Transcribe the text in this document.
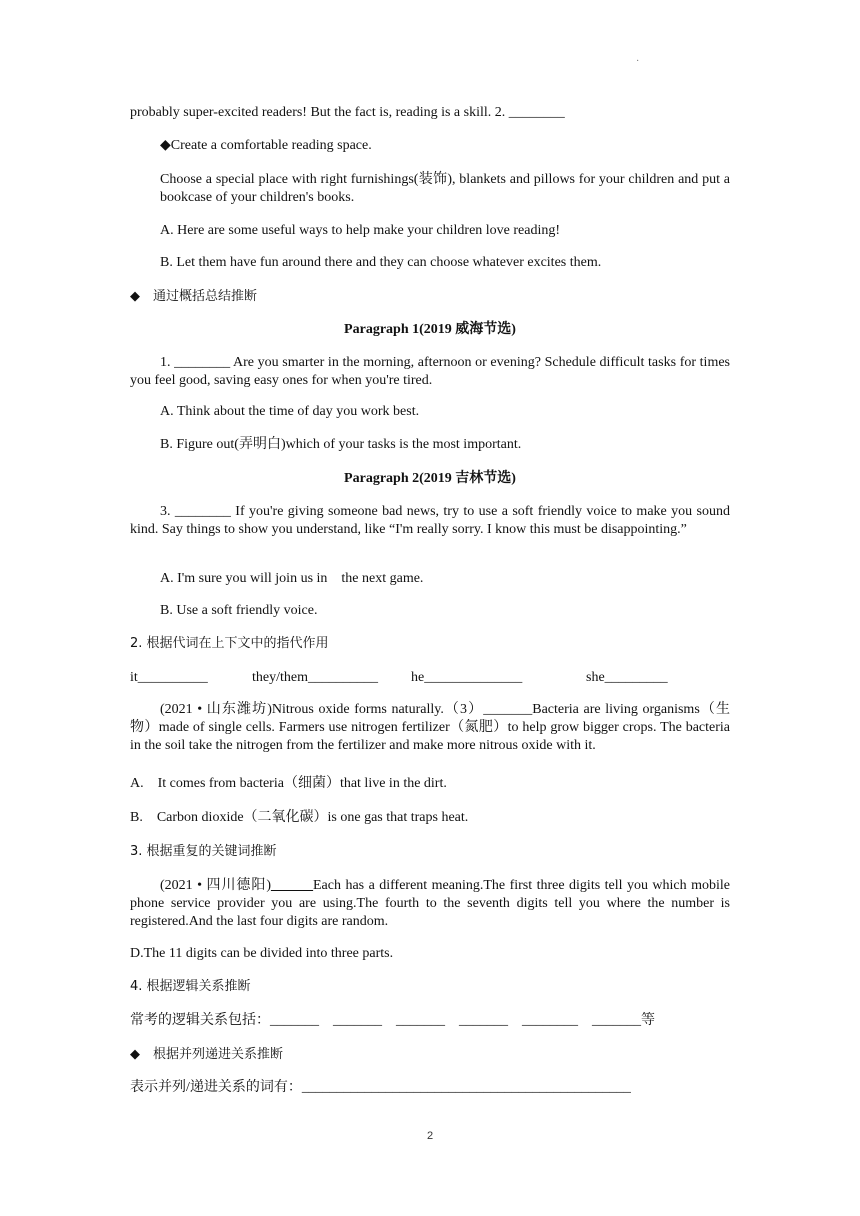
·
probably super-excited readers! But the fact is, reading is a skill. 2. ________
◆Create a comfortable reading space.
Choose a special place with right furnishings(装饰), blankets and pillows for your children and put a bookcase of your children's books.
A. Here are some useful ways to help make your children love reading!
B. Let them have fun around there and they can choose whatever excites them.
◆　通过概括总结推断
Paragraph 1(2019 威海节选)
1. ________ Are you smarter in the morning, afternoon or evening? Schedule difficult tasks for times you feel good, saving easy ones for when you're tired.
A. Think about the time of day you work best.
B. Figure out(弄明白)which of your tasks is the most important.
Paragraph 2(2019 吉林节选)
3. ________ If you're giving someone bad news, try to use a soft friendly voice to make you sound kind. Say things to show you understand, like “I'm really sorry. I know this must be disappointing.”
A. I'm sure you will join us in　the next game.
B. Use a soft friendly voice.
2. 根据代词在上下文中的指代作用
it__________	they/them__________ he______________	she_________
(2021 • 山东潍坊)Nitrous oxide forms naturally.（3）_______Bacteria are living organisms（生物）made of single cells. Farmers use nitrogen fertilizer（氮肥）to help grow bigger crops. The bacteria in the soil take the nitrogen from the fertilizer and make more nitrous oxide with it.
A.　It comes from bacteria（细菌）that live in the dirt.
B.　Carbon dioxide（二氧化碳）is one gas that traps heat.
3. 根据重复的关键词推断
(2021 • 四川德阳)______Each has a different meaning.The first three digits tell you which mobile phone service provider you are using.The fourth to the seventh digits tell you where the number is registered.And the last four digits are random.
D.The 11 digits can be divided into three parts.
4. 根据逻辑关系推断
常考的逻辑关系包括：_______　_______　_______　_______　________　_______等
◆　根据并列递进关系推断
表示并列/递进关系的词有：_______________________________________________
2
